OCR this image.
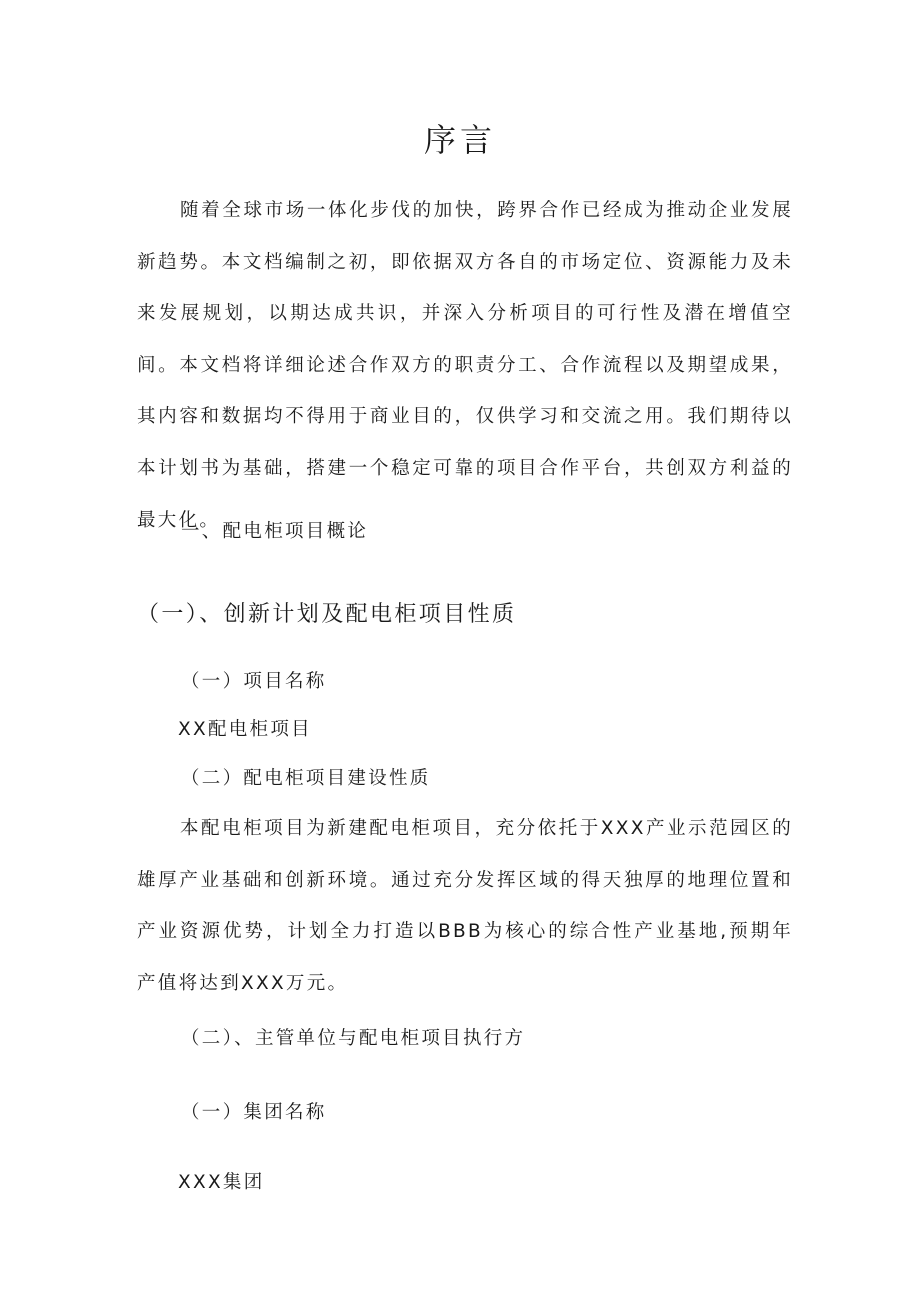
序言
随着全球市场一体化步伐的加快，跨界合作已经成为推动企业发展新趋势。本文档编制之初，即依据双方各自的市场定位、资源能力及未来发展规划，以期达成共识，并深入分析项目的可行性及潜在增值空间。本文档将详细论述合作双方的职责分工、合作流程以及期望成果，其内容和数据均不得用于商业目的，仅供学习和交流之用。我们期待以本计划书为基础，搭建一个稳定可靠的项目合作平台，共创双方利益的最大化。
一、配电柜项目概论
（一）、创新计划及配电柜项目性质
（一）项目名称
XX配电柜项目
（二）配电柜项目建设性质
本配电柜项目为新建配电柜项目，充分依托于XXX产业示范园区的雄厚产业基础和创新环境。通过充分发挥区域的得天独厚的地理位置和产业资源优势，计划全力打造以BBB为核心的综合性产业基地,预期年产值将达到XXX万元。
（二）、主管单位与配电柜项目执行方
（一）集团名称
XXX集团
